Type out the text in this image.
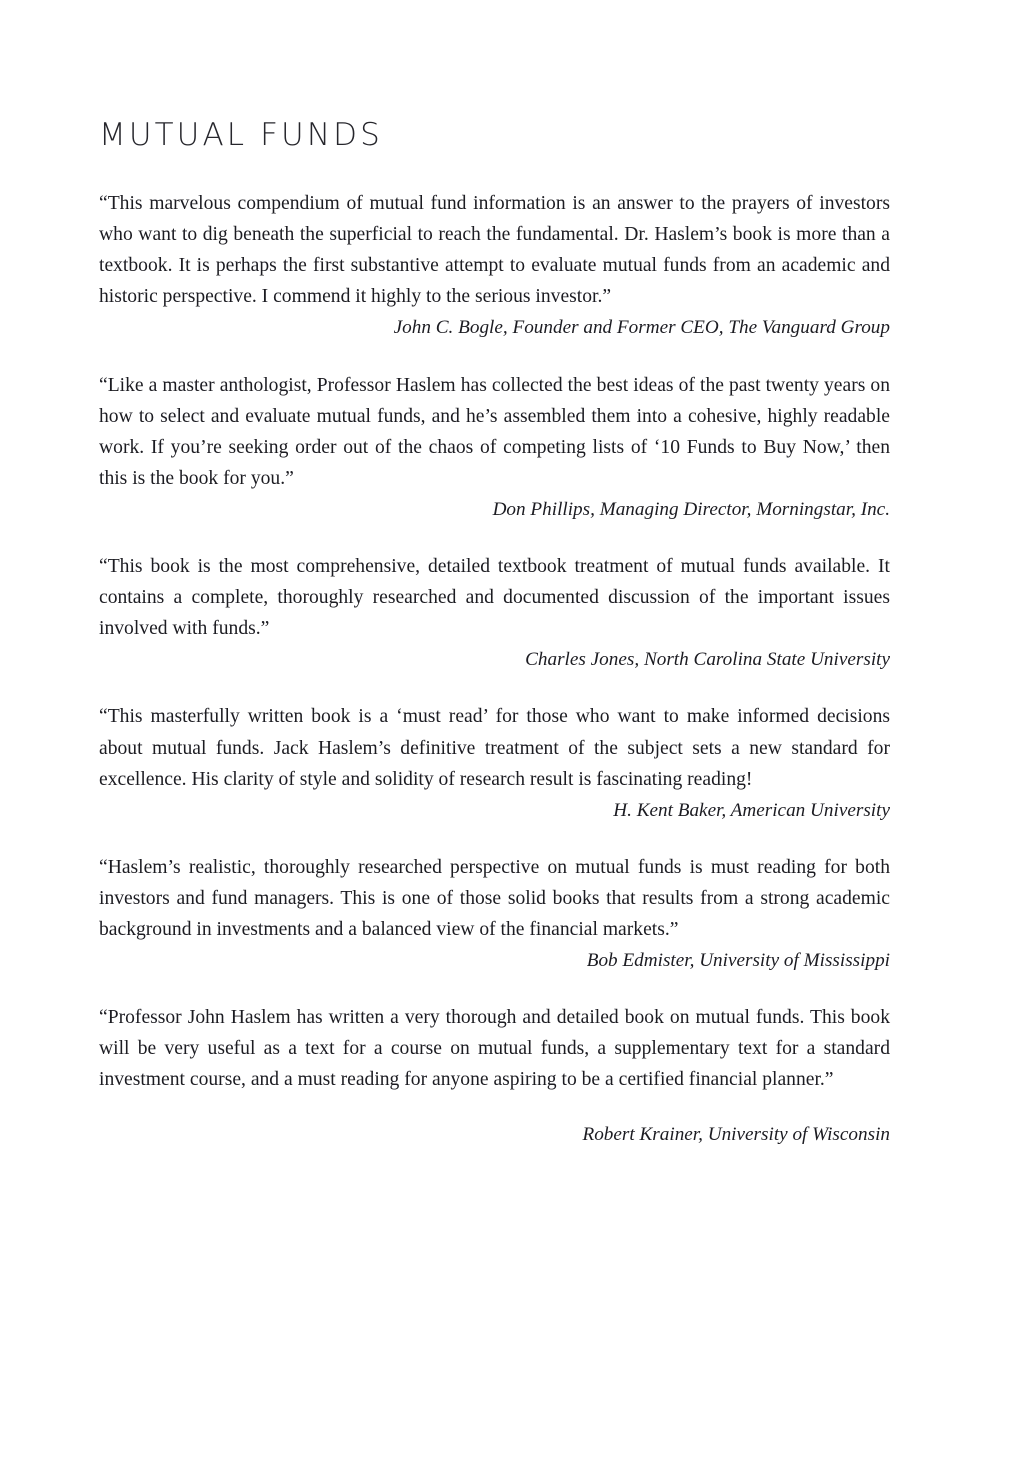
MUTUAL FUNDS

“This marvelous compendium of mutual fund information is an answer to the prayers of investors who want to dig beneath the superficial to reach the fundamental. Dr. Haslem’s book is more than a textbook. It is perhaps the first substantive attempt to evaluate mutual funds from an academic and historic perspective. I commend it highly to the serious investor.”

John C. Bogle, Founder and Former CEO, The Vanguard Group

“Like a master anthologist, Professor Haslem has collected the best ideas of the past twenty years on how to select and evaluate mutual funds, and he’s assembled them into a cohesive, highly readable work. If you’re seeking order out of the chaos of competing lists of ‘10 Funds to Buy Now,’ then this is the book for you.”

Don Phillips, Managing Director, Morningstar, Inc.

“This book is the most comprehensive, detailed textbook treatment of mutual funds available. It contains a complete, thoroughly researched and documented discussion of the important issues involved with funds.”

Charles Jones, North Carolina State University

“This masterfully written book is a ‘must read’ for those who want to make informed decisions about mutual funds. Jack Haslem’s definitive treatment of the subject sets a new standard for excellence. His clarity of style and solidity of research result is fascinating reading!

H. Kent Baker, American University

“Haslem’s realistic, thoroughly researched perspective on mutual funds is must reading for both investors and fund managers. This is one of those solid books that results from a strong academic background in investments and a balanced view of the financial markets.”

Bob Edmister, University of Mississippi

“Professor John Haslem has written a very thorough and detailed book on mutual funds. This book will be very useful as a text for a course on mutual funds, a supplementary text for a standard investment course, and a must reading for anyone aspiring to be a certified financial planner.”

Robert Krainer, University of Wisconsin
